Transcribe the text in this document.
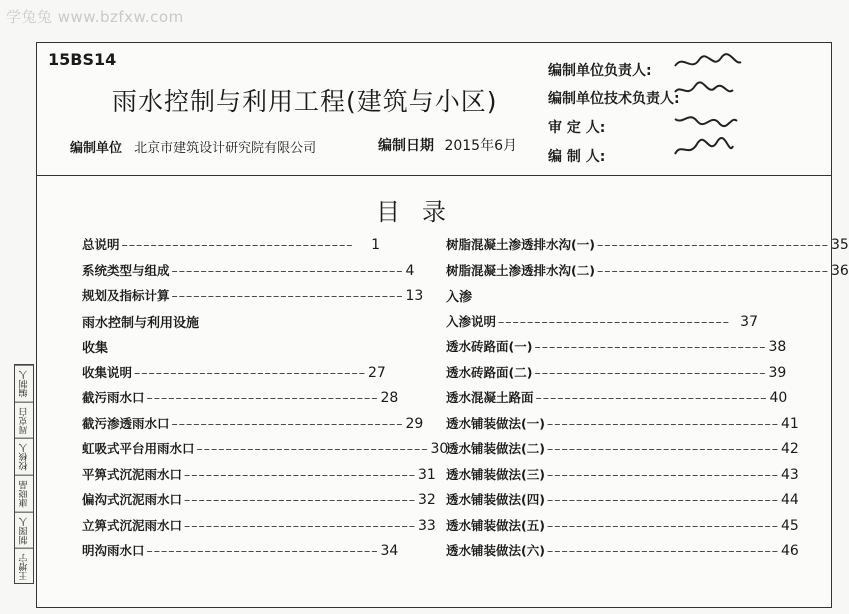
学兔兔 www.bzfxw.com
15BS14
雨水控制与利用工程(建筑与小区)
编制单位 北京市建筑设计研究院有限公司	编制日期 2015年6月
编制单位负责人:
编制单位技术负责人:
审 定 人:
编 制 人:
目录
总说明 ––––––––––––––––––––––––––––––––	1
系统类型与组成 –––––––––––––––––––––––––––––––– 4
规划及指标计算 –––––––––––––––––––––––––––––––– 13
雨水控制与利用设施
收集
收集说明 –––––––––––––––––––––––––––––––– 27
截污雨水口 –––––––––––––––––––––––––––––––– 28
截污渗透雨水口 –––––––––––––––––––––––––––––––– 29
虹吸式平台用雨水口 –––––––––––––––––––––––––––––––– 30
平箅式沉泥雨水口 –––––––––––––––––––––––––––––––– 31
偏沟式沉泥雨水口 –––––––––––––––––––––––––––––––– 32
立箅式沉泥雨水口 –––––––––––––––––––––––––––––––– 33
明沟雨水口 –––––––––––––––––––––––––––––––– 34
树脂混凝土渗透排水沟(一) –––––––––––––––––––––––––––––––– 35
树脂混凝土渗透排水沟(二) –––––––––––––––––––––––––––––––– 36
入渗
入渗说明 –––––––––––––––––––––––––––––––– 37
透水砖路面(一) –––––––––––––––––––––––––––––––– 38
透水砖路面(二) –––––––––––––––––––––––––––––––– 39
透水混凝土路面 –––––––––––––––––––––––––––––––– 40
透水铺装做法(一) –––––––––––––––––––––––––––––––– 41
透水铺装做法(二) –––––––––––––––––––––––––––––––– 42
透水铺装做法(三) –––––––––––––––––––––––––––––––– 43
透水铺装做法(四) –––––––––––––––––––––––––––––––– 44
透水铺装做法(五) –––––––––––––––––––––––––––––––– 45
透水铺装做法(六) –––––––––––––––––––––––––––––––– 46
编制人
周克白
校核人
康晓晶
制图人
王增宁
